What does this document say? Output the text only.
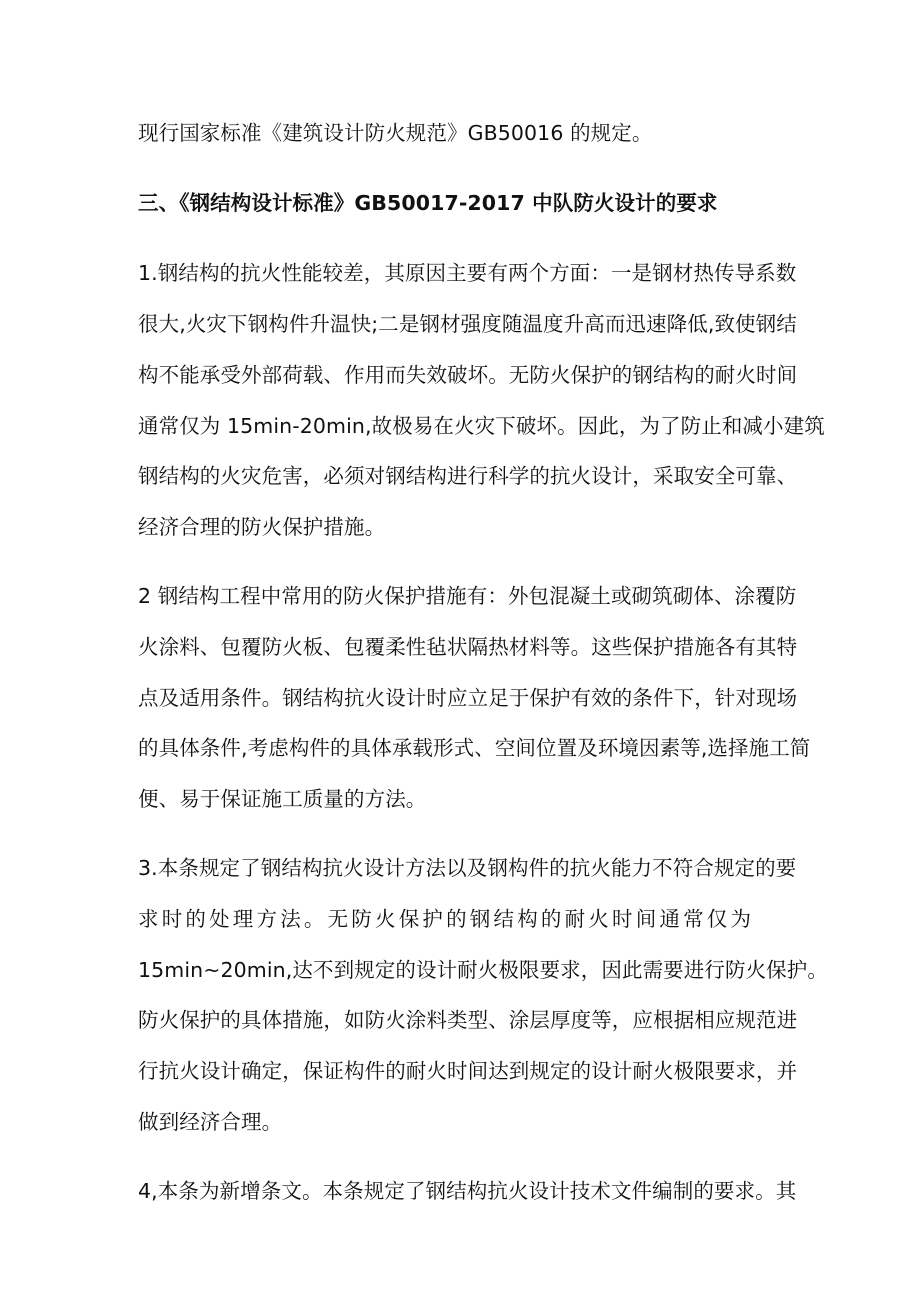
现行国家标准《建筑设计防火规范》GB50016 的规定。
三、《钢结构设计标准》GB50017-2017 中队防火设计的要求
1.钢结构的抗火性能较差，其原因主要有两个方面：一是钢材热传导系数
很大,火灾下钢构件升温快;二是钢材强度随温度升高而迅速降低,致使钢结
构不能承受外部荷载、作用而失效破坏。无防火保护的钢结构的耐火时间
通常仅为 15min-20min,故极易在火灾下破坏。因此，为了防止和减小建筑
钢结构的火灾危害，必须对钢结构进行科学的抗火设计，采取安全可靠、
经济合理的防火保护措施。
2 钢结构工程中常用的防火保护措施有：外包混凝土或砌筑砌体、涂覆防
火涂料、包覆防火板、包覆柔性毡状隔热材料等。这些保护措施各有其特
点及适用条件。钢结构抗火设计时应立足于保护有效的条件下，针对现场
的具体条件,考虑构件的具体承载形式、空间位置及环境因素等,选择施工简
便、易于保证施工质量的方法。
3.本条规定了钢结构抗火设计方法以及钢构件的抗火能力不符合规定的要
求时的处理方法。无防火保护的钢结构的耐火时间通常仅为
15min~20min,达不到规定的设计耐火极限要求，因此需要进行防火保护。
防火保护的具体措施，如防火涂料类型、涂层厚度等，应根据相应规范进
行抗火设计确定，保证构件的耐火时间达到规定的设计耐火极限要求，并
做到经济合理。
4,本条为新增条文。本条规定了钢结构抗火设计技术文件编制的要求。其
